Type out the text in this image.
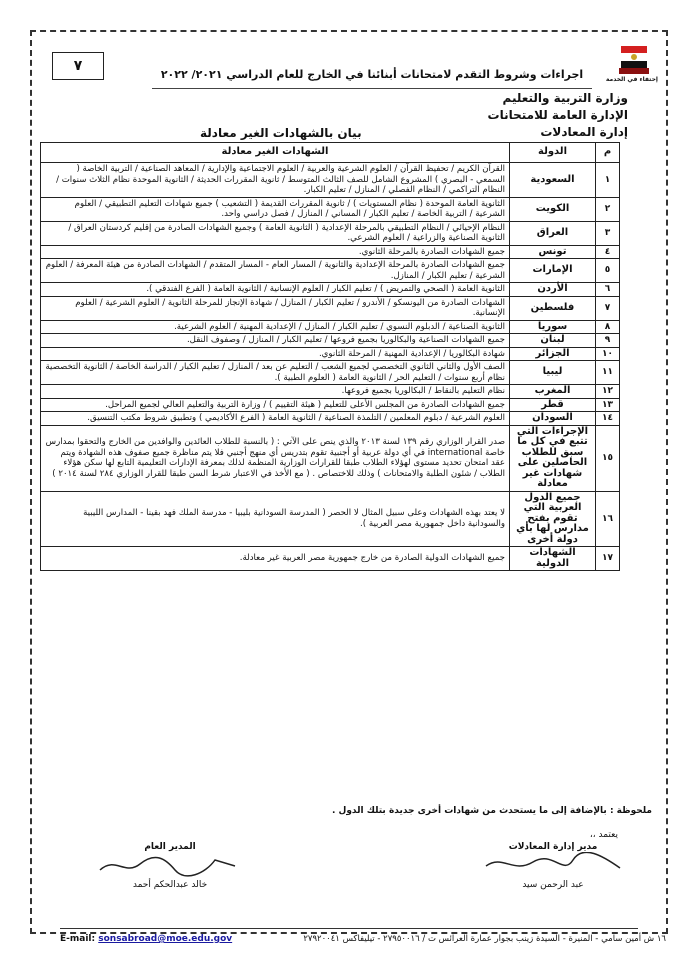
٧
اجراءات وشروط التقدم لامتحانات أبنائنا في الخارج للعام الدراسي ٢٠٢١/ ٢٠٢٢	إحتفاء في الخدمة
وزارة التربية والتعليم
الإدارة العامة للامتحانات
إدارة المعادلات
بيان بالشهادات الغير معادلة
م	الدولة	الشهادات الغير معادلة
١	السعودية	القرآن الكريم / تحفيظ القرآن / العلوم الشرعية والعربية / العلوم الاجتماعية والإدارية / المعاهد الصناعية / التربية الخاصة ( السمعي - البصري ) المشروع الشامل للصف الثالث المتوسط / ثانوية المقررات الحديثة / الثانوية الموحدة نظام الثلاث سنوات / النظام التراكمي / النظام الفصلي / المنازل / تعليم الكبار.
٢	الكويت	الثانوية العامة الموحدة ( نظام المستويات ) / ثانوية المقررات القديمة ( التشعيب ) جميع شهادات التعليم التطبيقي / العلوم الشرعية / التربية الخاصة / تعليم الكبار / المساني / المنازل / فصل دراسي واحد.
٣	العراق	النظام الإحيائي / النظام التطبيقي بالمرحلة الإعدادية ( الثانوية العامة ) وجميع الشهادات الصادرة من إقليم كردستان العراق / الثانوية الصناعية والزراعية / العلوم الشرعي.
٤	تونس	جميع الشهادات الصادرة بالمرحلة الثانوي.
٥	الإمارات	جميع الشهادات الصادرة بالمرحلة الإعدادية والثانوية / المسار العام - المسار المتقدم / الشهادات الصادرة من هيئة المعرفة / العلوم الشرعية / تعليم الكبار / المنازل.
٦	الأردن	الثانوية العامة ( الصحي والتمريض ) / تعليم الكبار / العلوم الإنسانية / الثانوية العامة ( الفرع الفندقي ).
٧	فلسطين	الشهادات الصادرة من اليونسكو / الأندرو / تعليم الكبار / المنازل / شهادة الإنجاز للمرحلة الثانوية / العلوم الشرعية / العلوم الإنسانية.
٨	سوريا	الثانوية الصناعية / الدبلوم النسوي / تعليم الكبار / المنازل / الإعدادية المهنية / العلوم الشرعية.
٩	لبنان	جميع الشهادات الصناعية والبكالوريا بجميع فروعها / تعليم الكبار / المنازل / وصفوف النقل.
١٠	الجزائر	شهادة البكالوريا / الإعدادية المهنية / المرحلة الثانوي.
١١	ليبيا	الصف الأول والثاني الثانوي التخصصي لجميع الشعب / التعليم عن بعد / المنازل / تعليم الكبار / الدراسة الخاصة / الثانوية التخصصية نظام أربع سنوات / التعليم الحر / الثانوية العامة ( العلوم الطبية ).
١٢	المغرب	نظام التعليم بالنقاط / البكالوريا بجميع فروعها.
١٣	قطر	جميع الشهادات الصادرة من المجلس الأعلى للتعليم ( هيئة التقييم ) / وزارة التربية والتعليم العالي لجميع المراحل.
١٤	السودان	العلوم الشرعية / دبلوم المعلمين / التلمذة الصناعية / الثانوية العامة ( الفرع الأكاديمي ) وتطبيق شروط مكتب التنسيق.
١٥	الإجراءات التي تتبع في كل ما سبق للطلاب الحاصلين على شهادات غير معادلة	صدر القرار الوزاري رقم ١٣٩ لسنة ٢٠١٣ والذي ينص على الآتي : ( بالنسبة للطلاب العائدين والوافدين من الخارج والتحقوا بمدارس خاصة international في أي دولة عربية أو أجنبية تقوم بتدريس أي منهج أجنبي فلا يتم مناظرة جميع صفوف هذه الشهادة ويتم عقد امتحان تحديد مستوى لهؤلاء الطلاب طبقا للقرارات الوزارية المنظمة لذلك بمعرفة الإدارات التعليمية التابع لها سكن هؤلاء الطلاب / شئون الطلبة والامتحانات ) وذلك للاختصاص . ( مع الأخذ في الاعتبار شرط السن طبقا للقرار الوزاري ٢٨٤ لسنة ٢٠١٤ )
١٦	جميع الدول العربية التي تقوم بفتح مدارس لها بأي دولة أخرى	لا يعتد بهذه الشهادات وعلى سبيل المثال لا الحصر ( المدرسة السودانية بليبيا - مدرسة الملك فهد بقينا - المدارس الليبية والسودانية داخل جمهورية مصر العربية ).
١٧	الشهادات الدولية	جميع الشهادات الدولية الصادرة من خارج جمهورية مصر العربية غير معادلة.
ملحوظة : بالإضافة إلى ما يستحدث من شهادات أخرى جديدة بتلك الدول .
يعتمد ،،
المدير العام
خالد عبدالحكم أحمد
مدير إدارة المعادلات
عبد الرحمن سيد
E-mail: sonsabroad@moe.edu.gov	١٦ ش أمين سامي - المنيرة - السيدة زينب بجوار عمارة العرائس ت / ٢٧٩٥٠٠١٦ - تيليفاكس ٢٧٩٢٠٠٤١
